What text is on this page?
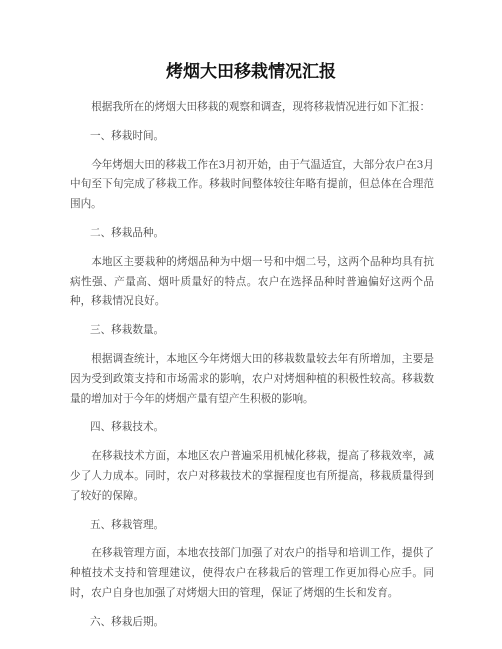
烤烟大田移栽情况汇报

根据我所在的烤烟大田移栽的观察和调查，现将移栽情况进行如下汇报：

一、移栽时间。

今年烤烟大田的移栽工作在3月初开始，由于气温适宜，大部分农户在3月中旬至下旬完成了移栽工作。移栽时间整体较往年略有提前，但总体在合理范围内。

二、移栽品种。

本地区主要栽种的烤烟品种为中烟一号和中烟二号，这两个品种均具有抗病性强、产量高、烟叶质量好的特点。农户在选择品种时普遍偏好这两个品种，移栽情况良好。

三、移栽数量。

根据调查统计，本地区今年烤烟大田的移栽数量较去年有所增加，主要是因为受到政策支持和市场需求的影响，农户对烤烟种植的积极性较高。移栽数量的增加对于今年的烤烟产量有望产生积极的影响。

四、移栽技术。

在移栽技术方面，本地区农户普遍采用机械化移栽，提高了移栽效率，减少了人力成本。同时，农户对移栽技术的掌握程度也有所提高，移栽质量得到了较好的保障。

五、移栽管理。

在移栽管理方面，本地农技部门加强了对农户的指导和培训工作，提供了种植技术支持和管理建议，使得农户在移栽后的管理工作更加得心应手。同时，农户自身也加强了对烤烟大田的管理，保证了烤烟的生长和发育。

六、移栽后期。
